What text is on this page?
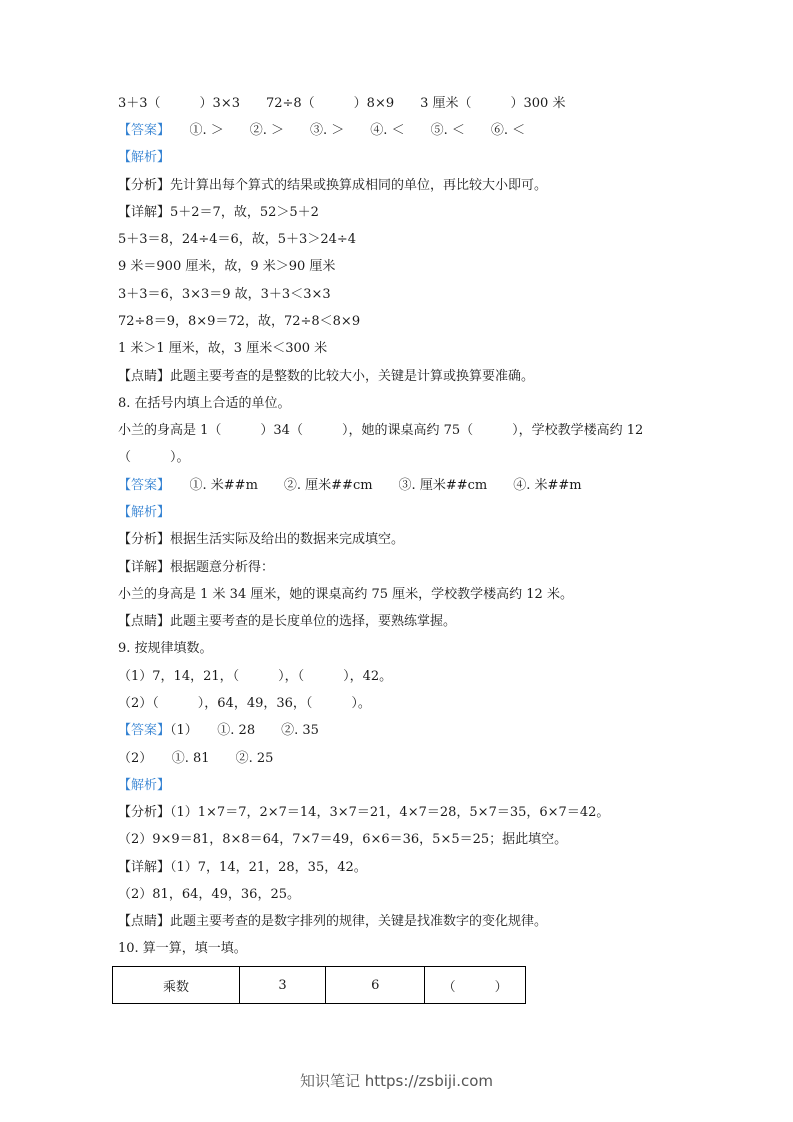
3＋3（　　　）3×3　　72÷8（　　　）8×9　　3 厘米（　　　）300 米
【答案】　　①. ＞　　②. ＞　　③. ＞　　④. ＜　　⑤. ＜　　⑥. ＜
【解析】
【分析】先计算出每个算式的结果或换算成相同的单位，再比较大小即可。
【详解】5＋2＝7，故，52＞5＋2
5＋3＝8，24÷4＝6，故，5＋3＞24÷4
9 米＝900 厘米，故，9 米＞90 厘米
3＋3＝6，3×3＝9 故，3＋3＜3×3
72÷8＝9，8×9＝72，故，72÷8＜8×9
1 米＞1 厘米，故，3 厘米＜300 米
【点睛】此题主要考查的是整数的比较大小，关键是计算或换算要准确。
8. 在括号内填上合适的单位。
小兰的身高是 1（　　　）34（　　　），她的课桌高约 75（　　　），学校教学楼高约 12
（　　　）。
【答案】　　①. 米##m　　②. 厘米##cm　　③. 厘米##cm　　④. 米##m
【解析】
【分析】根据生活实际及给出的数据来完成填空。
【详解】根据题意分析得：
小兰的身高是 1 米 34 厘米，她的课桌高约 75 厘米，学校教学楼高约 12 米。
【点睛】此题主要考查的是长度单位的选择，要熟练掌握。
9. 按规律填数。
（1）7，14，21，（　　　），（　　　），42。
（2）（　　　），64，49，36，（　　　）。
【答案】（1）　　①. 28　　②. 35
（2）　　①. 81　　②. 25
【解析】
【分析】（1）1×7＝7，2×7＝14，3×7＝21，4×7＝28，5×7＝35，6×7＝42。
（2）9×9＝81，8×8＝64，7×7＝49，6×6＝36，5×5＝25；据此填空。
【详解】（1）7，14，21，28，35，42。
（2）81，64，49，36，25。
【点睛】此题主要考查的是数字排列的规律，关键是找准数字的变化规律。
10. 算一算，填一填。
乘数	3	6	（　　　）
知识笔记 https://zsbiji.com
